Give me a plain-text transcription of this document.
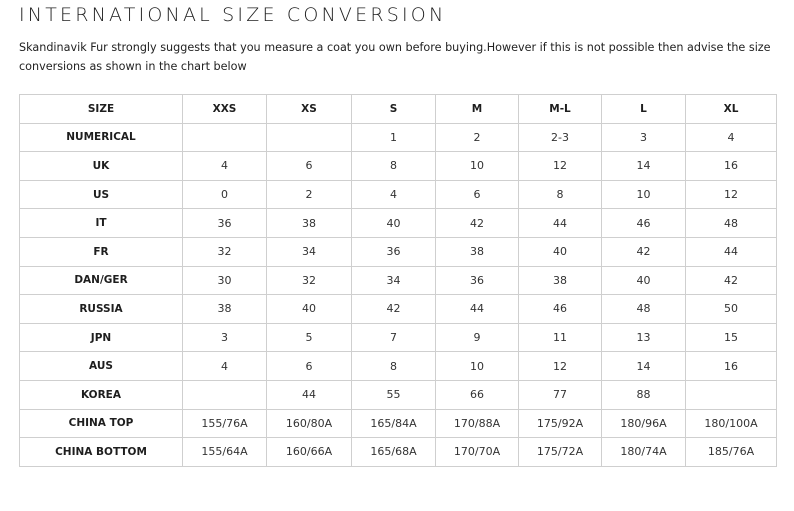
INTERNATIONAL SIZE CONVERSION

Skandinavik Fur strongly suggests that you measure a coat you own before buying.However if this is not possible then advise the size conversions as shown in the chart below

SIZE	XXS	XS	S	M	M-L	L	XL
NUMERICAL			1	2	2-3	3	4
UK	4	6	8	10	12	14	16
US	0	2	4	6	8	10	12
IT	36	38	40	42	44	46	48
FR	32	34	36	38	40	42	44
DAN/GER	30	32	34	36	38	40	42
RUSSIA	38	40	42	44	46	48	50
JPN	3	5	7	9	11	13	15
AUS	4	6	8	10	12	14	16
KOREA		44	55	66	77	88	
CHINA TOP	155/76A	160/80A	165/84A	170/88A	175/92A	180/96A	180/100A
CHINA BOTTOM	155/64A	160/66A	165/68A	170/70A	175/72A	180/74A	185/76A
